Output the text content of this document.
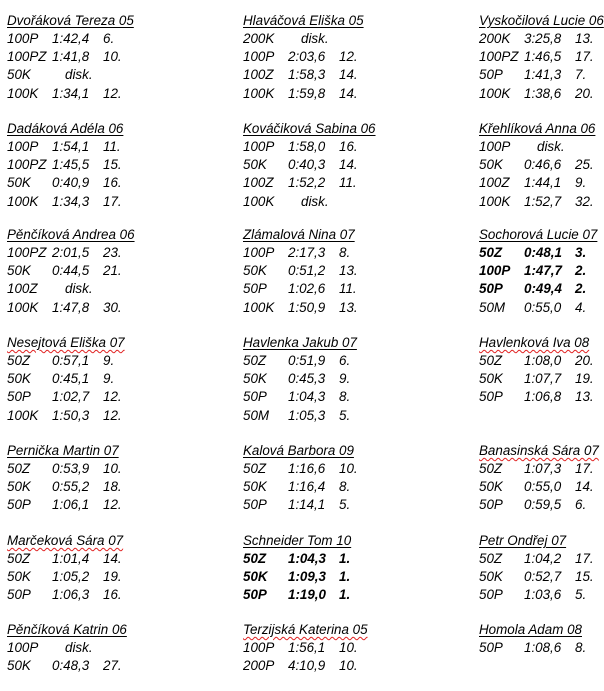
Dvořáková Tereza 05
100P 1:42,4 6.
100PZ 1:41,8 10.
50K	disk.
100K 1:34,1 12.
Dadáková Adéla 06
100P 1:54,1 11.
100PZ 1:45,5 15.
50K 0:40,9 16.
100K 1:34,3 17.
Pěnčíková Andrea 06
100PZ 2:01,5 23.
50K 0:44,5 21.
100Z disk.
100K 1:47,8 30.
Nesejtová Eliška 07
50Z 0:57,1 9.
50K 0:45,1 9.
50P 1:02,7 12.
100K 1:50,3 12.
Pernička Martin 07
50Z 0:53,9 10.
50K 0:55,2 18.
50P 1:06,1 12.
Marčeková Sára 07
50Z 1:01,4 14.
50K 1:05,2 19.
50P 1:06,3 16.
Pěnčíková Katrin 06
100P disk.
50K 0:48,3 27.
Hlaváčová Eliška 05
200K disk.
100P 2:03,6 12.
100Z 1:58,3 14.
100K 1:59,8 14.
Kováčiková Sabina 06
100P 1:58,0 16.
50K 0:40,3 14.
100Z 1:52,2 11.
100K disk.
Zlámalová Nina 07
100P 2:17,3 8.
50K 0:51,2 13.
50P 1:02,6 11.
100K 1:50,9 13.
Havlenka Jakub 07
50Z 0:51,9 6.
50K 0:45,3 9.
50P 1:04,3 8.
50M 1:05,3 5.
Kalová Barbora 09
50Z 1:16,6 10.
50K 1:16,4 8.
50P 1:14,1 5.
Schneider Tom 10
50Z 1:04,3 1.
50K 1:09,3 1.
50P 1:19,0 1.
Terzijská Katerina 05
100P 1:56,1 10.
200P 4:10,9 10.
Vyskočilová Lucie 06
200K 3:25,8 13.
100PZ 1:46,5 17.
50P 1:41,3 7.
100K 1:38,6 20.
Křehlíková Anna 06
100P disk.
50K 0:46,6 25.
100Z 1:44,1 9.
100K 1:52,7 32.
Sochorová Lucie 07
50Z 0:48,1 3.
100P 1:47,7 2.
50P 0:49,4 2.
50M 0:55,0 4.
Havlenková Iva 08
50Z 1:08,0 20.
50K 1:07,7 19.
50P 1:06,8 13.
Banasinská Sára 07
50Z 1:07,3 17.
50K 0:55,0 14.
50P 0:59,5 6.
Petr Ondřej 07
50Z 1:04,2 17.
50K 0:52,7 15.
50P 1:03,6 5.
Homola Adam 08
50P 1:08,6 8.
